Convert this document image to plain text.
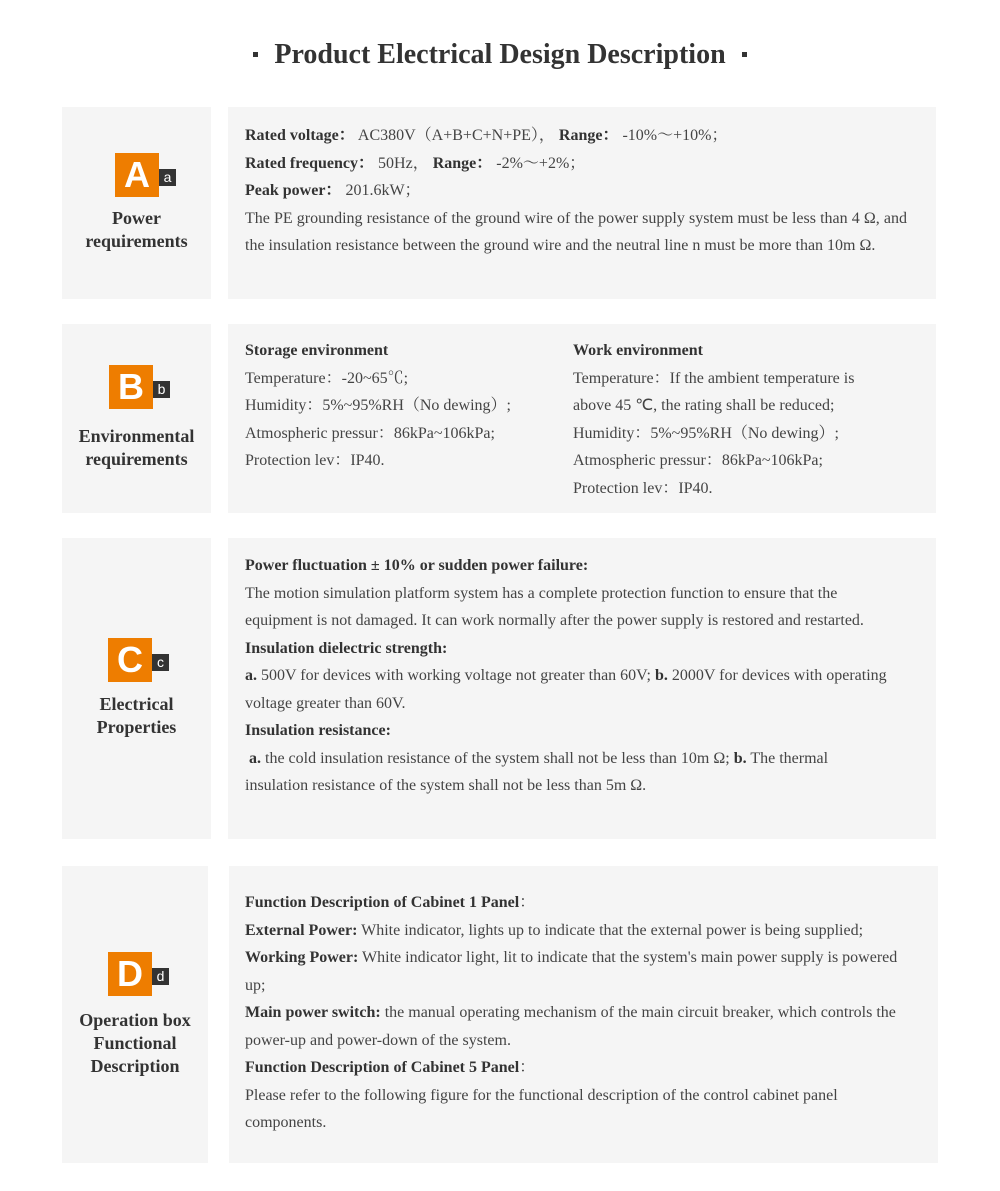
Product Electrical Design Description
A a
Power
requirements

Rated voltage： AC380V（A+B+C+N+PE）， Range： -10%～+10%；

Rated frequency： 50Hz， Range： -2%～+2%；

Peak power： 201.6kW；

The PE grounding resistance of the ground wire of the power supply system must be less than 4 Ω, and the insulation resistance between the ground wire and the neutral line n must be more than 10m Ω.

B b
Environmental
requirements

Storage environment

Temperature：-20~65℃;

Humidity：5%~95%RH（No dewing）;

Atmospheric pressur：86kPa~106kPa;

Protection lev：IP40.

Work environment

Temperature：If the ambient temperature is

above 45 ℃, the rating shall be reduced;

Humidity：5%~95%RH（No dewing）;

Atmospheric pressur：86kPa~106kPa;

Protection lev：IP40.

C	c
Electrical
Properties

Power fluctuation ± 10% or sudden power failure:

The motion simulation platform system has a complete protection function to ensure that the equipment is not damaged. It can work normally after the power supply is restored and restarted.

Insulation dielectric strength:

a. 500V for devices with working voltage not greater than 60V; b. 2000V for devices with operating voltage greater than 60V.

Insulation resistance:

a. the cold insulation resistance of the system shall not be less than 10m Ω; b. The thermal insulation resistance of the system shall not be less than 5m Ω.

D d
Operation box
Functional
Description

Function Description of Cabinet 1 Panel：

External Power: White indicator, lights up to indicate that the external power is being supplied;

Working Power: White indicator light, lit to indicate that the system's main power supply is powered up;

Main power switch: the manual operating mechanism of the main circuit breaker, which controls the power-up and power-down of the system.

Function Description of Cabinet 5 Panel：

Please refer to the following figure for the functional description of the control cabinet panel components.
